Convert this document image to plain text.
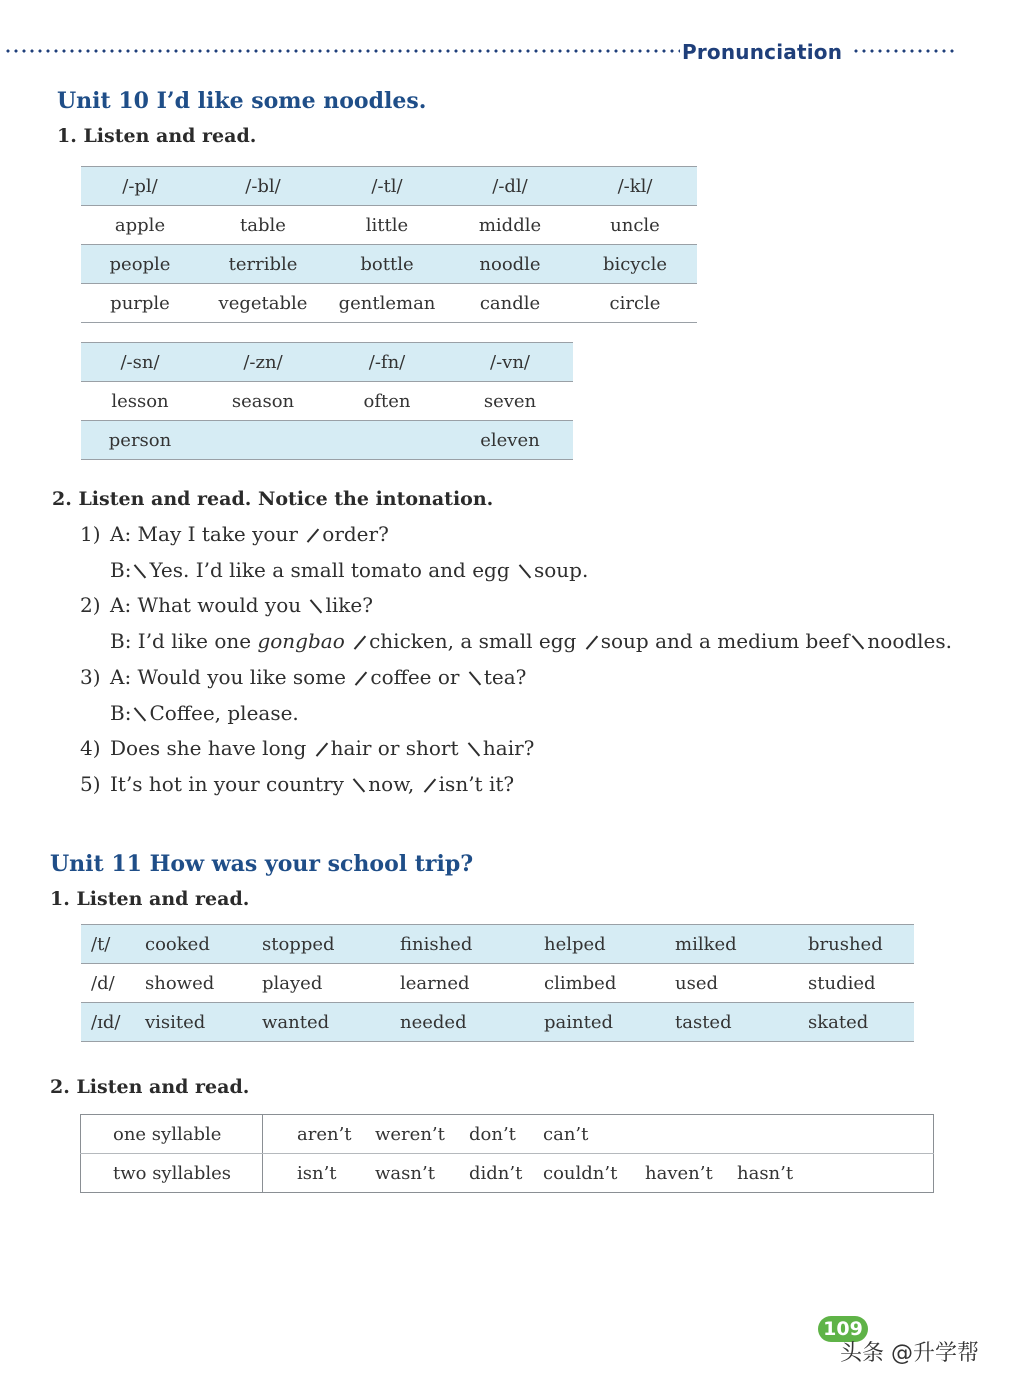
Pronunciation
Unit 10 I’d like some noodles.
1. Listen and read.
/-pl/	/-bl/	/-tl/	/-dl/	/-kl/
apple	table	little	middle	uncle
people	terrible	bottle	noodle	bicycle
purple	vegetable	gentleman	candle	circle
/-sn/	/-zn/	/-fn/	/-vn/
lesson	season	often	seven
person			eleven
2. Listen and read. Notice the intonation.
1) A: May I take your order?
B: Yes. I’d like a small tomato and egg soup.
2) A: What would you like?
B: I’d like one gongbao chicken, a small egg soup and a medium beef noodles.
3) A: Would you like some coffee or tea?
B: Coffee, please.
4) Does she have long hair or short hair?
5) It’s hot in your country now, isn’t it?
Unit 11 How was your school trip?
1. Listen and read.
/t/	cooked	stopped	finished	helped	milked	brushed
/d/	showed	played	learned	climbed	used	studied
/ɪd/	visited	wanted	needed	painted	tasted	skated
2. Listen and read.
one syllable	aren’t weren’t don’t can’t
two syllables	isn’t wasn’t didn’t couldn’t haven’t hasn’t
109
头条 @升学帮
